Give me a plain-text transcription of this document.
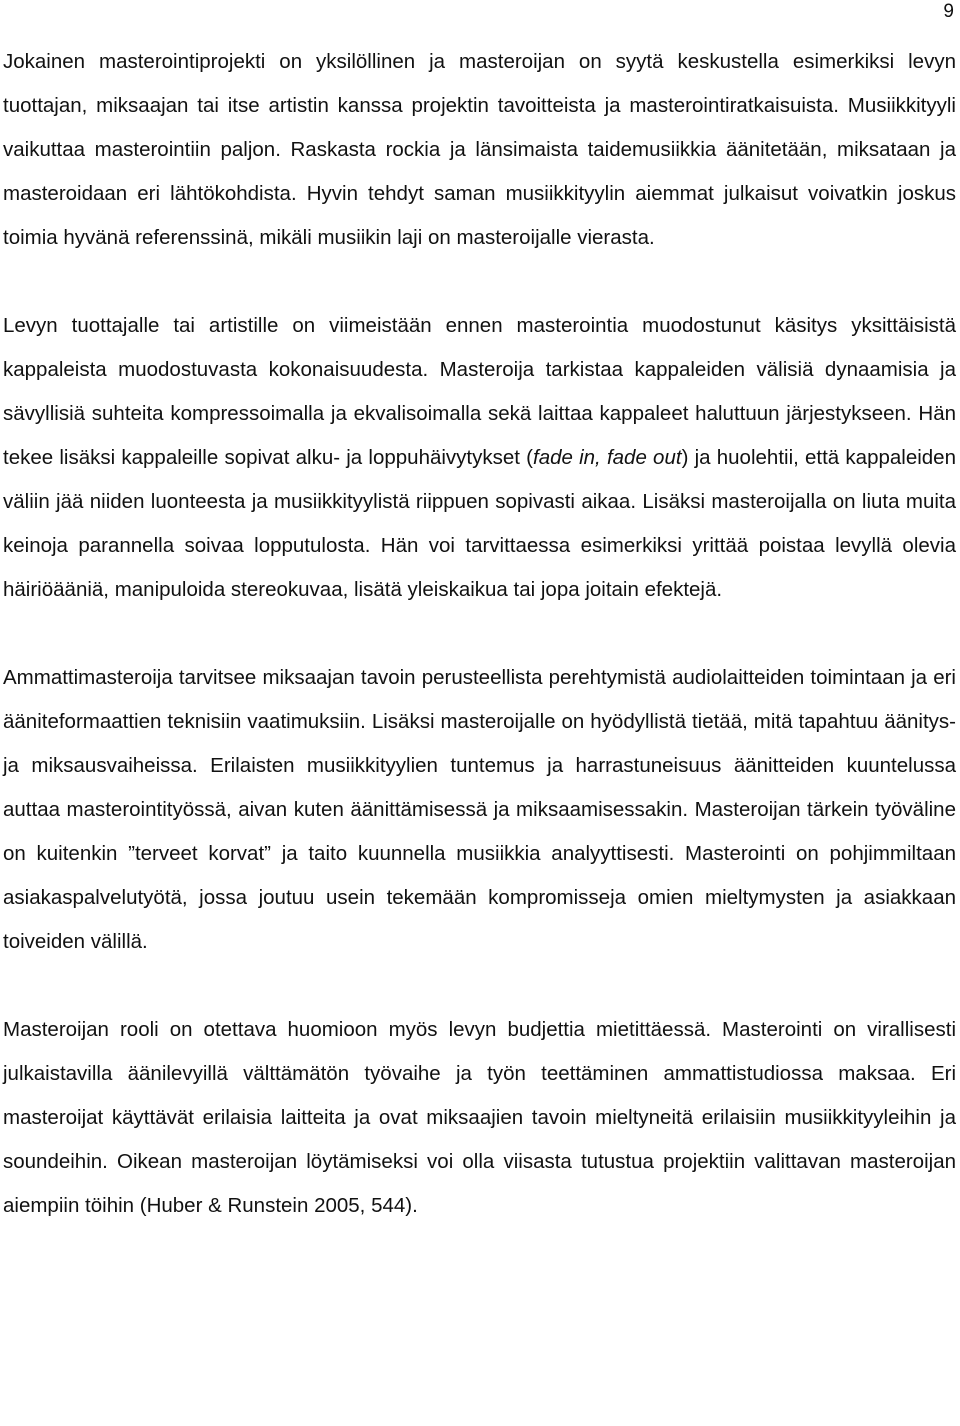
9

Jokainen masterointiprojekti on yksilöllinen ja masteroijan on syytä keskustella esimerkiksi levyn tuottajan, miksaajan tai itse artistin kanssa projektin tavoitteista ja masterointiratkaisuista. Musiikkityyli vaikuttaa masterointiin paljon. Raskasta rockia ja länsimaista taidemusiikkia äänitetään, miksataan ja masteroidaan eri lähtökohdista. Hyvin tehdyt saman musiikkityylin aiemmat julkaisut voivatkin joskus toimia hyvänä referenssinä, mikäli musiikin laji on masteroijalle vierasta.

Levyn tuottajalle tai artistille on viimeistään ennen masterointia muodostunut käsitys yksittäisistä kappaleista muodostuvasta kokonaisuudesta. Masteroija tarkistaa kappaleiden välisiä dynaamisia ja sävyllisiä suhteita kompressoimalla ja ekvalisoimalla sekä laittaa kappaleet haluttuun järjestykseen. Hän tekee lisäksi kappaleille sopivat alku- ja loppuhäivytykset (fade in, fade out) ja huolehtii, että kappaleiden väliin jää niiden luonteesta ja musiikkityylistä riippuen sopivasti aikaa. Lisäksi masteroijalla on liuta muita keinoja parannella soivaa lopputulosta. Hän voi tarvittaessa esimerkiksi yrittää poistaa levyllä olevia häiriöääniä, manipuloida stereokuvaa, lisätä yleiskaikua tai jopa joitain efektejä.

Ammattimasteroija tarvitsee miksaajan tavoin perusteellista perehtymistä audiolaitteiden toimintaan ja eri ääniteformaattien teknisiin vaatimuksiin. Lisäksi masteroijalle on hyödyllistä tietää, mitä tapahtuu äänitys- ja miksausvaiheissa. Erilaisten musiikkityylien tuntemus ja harrastuneisuus äänitteiden kuuntelussa auttaa masterointityössä, aivan kuten äänittämisessä ja miksaamisessakin. Masteroijan tärkein työväline on kuitenkin ”terveet korvat” ja taito kuunnella musiikkia analyyttisesti. Masterointi on pohjimmiltaan asiakaspalvelutyötä, jossa joutuu usein tekemään kompromisseja omien mieltymysten ja asiakkaan toiveiden välillä.

Masteroijan rooli on otettava huomioon myös levyn budjettia mietittäessä. Masterointi on virallisesti julkaistavilla äänilevyillä välttämätön työvaihe ja työn teettäminen ammattistudiossa maksaa. Eri masteroijat käyttävät erilaisia laitteita ja ovat miksaajien tavoin mieltyneitä erilaisiin musiikkityyleihin ja soundeihin. Oikean masteroijan löytämiseksi voi olla viisasta tutustua projektiin valittavan masteroijan aiempiin töihin (Huber & Runstein 2005, 544).
